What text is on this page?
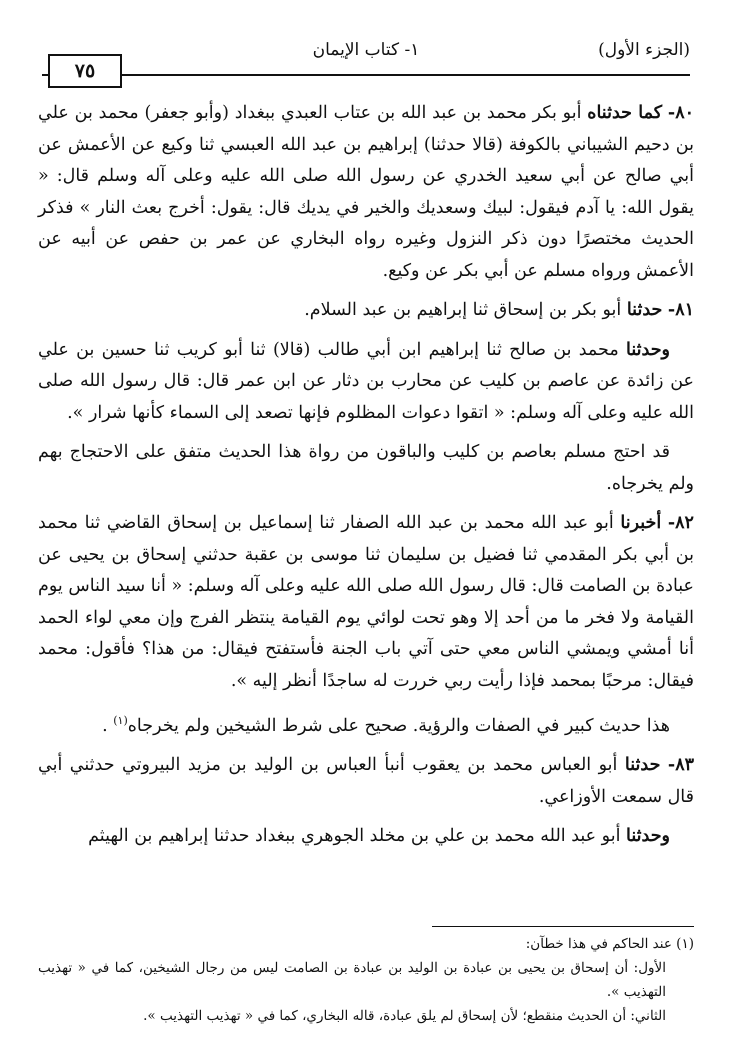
٧٥
١- كتاب الإيمان	(الجزء الأول)

٨٠- كما حدثناه أبو بكر محمد بن عبد الله بن عتاب العبدي ببغداد (وأبو جعفر) محمد بن علي بن دحيم الشيباني بالكوفة (قالا حدثنا) إبراهيم بن عبد الله العبسي ثنا وكيع عن الأعمش عن أبي صالح عن أبي سعيد الخدري عن رسول الله صلى الله عليه وعلى آله وسلم قال: « يقول الله: يا آدم فيقول: لبيك وسعديك والخير في يديك قال: يقول: أخرج بعث النار » فذكر الحديث مختصرًا دون ذكر النزول وغيره رواه البخاري عن عمر بن حفص عن أبيه عن الأعمش ورواه مسلم عن أبي بكر عن وكيع.

٨١- حدثنا أبو بكر بن إسحاق ثنا إبراهيم بن عبد السلام.

وحدثنا محمد بن صالح ثنا إبراهيم ابن أبي طالب (قالا) ثنا أبو كريب ثنا حسين بن علي عن زائدة عن عاصم بن كليب عن محارب بن دثار عن ابن عمر قال: قال رسول الله صلى الله عليه وعلى آله وسلم: « اتقوا دعوات المظلوم فإنها تصعد إلى السماء كأنها شرار ».

قد احتج مسلم بعاصم بن كليب والباقون من رواة هذا الحديث متفق على الاحتجاج بهم ولم يخرجاه.

٨٢- أخبرنا أبو عبد الله محمد بن عبد الله الصفار ثنا إسماعيل بن إسحاق القاضي ثنا محمد بن أبي بكر المقدمي ثنا فضيل بن سليمان ثنا موسى بن عقبة حدثني إسحاق بن يحيى عن عبادة بن الصامت قال: قال رسول الله صلى الله عليه وعلى آله وسلم: « أنا سيد الناس يوم القيامة ولا فخر ما من أحد إلا وهو تحت لوائي يوم القيامة ينتظر الفرج وإن معي لواء الحمد أنا أمشي ويمشي الناس معي حتى آتي باب الجنة فأستفتح فيقال: من هذا؟ فأقول: محمد فيقال: مرحبًا بمحمد فإذا رأيت ربي خررت له ساجدًا أنظر إليه ».

هذا حديث كبير في الصفات والرؤية. صحيح على شرط الشيخين ولم يخرجاه$^{(١)}$ .

٨٣- حدثنا أبو العباس محمد بن يعقوب أنبأ العباس بن الوليد بن مزيد البيروتي حدثني أبي قال سمعت الأوزاعي.

وحدثنا أبو عبد الله محمد بن علي بن مخلد الجوهري ببغداد حدثنا إبراهيم بن الهيثم

(١) عند الحاكم في هذا خطآن:

الأول: أن إسحاق بن يحيى بن عبادة بن الوليد بن عبادة بن الصامت ليس من رجال الشيخين، كما في « تهذيب التهذيب ».

الثاني: أن الحديث منقطع؛ لأن إسحاق لم يلق عبادة، قاله البخاري، كما في « تهذيب التهذيب ».
